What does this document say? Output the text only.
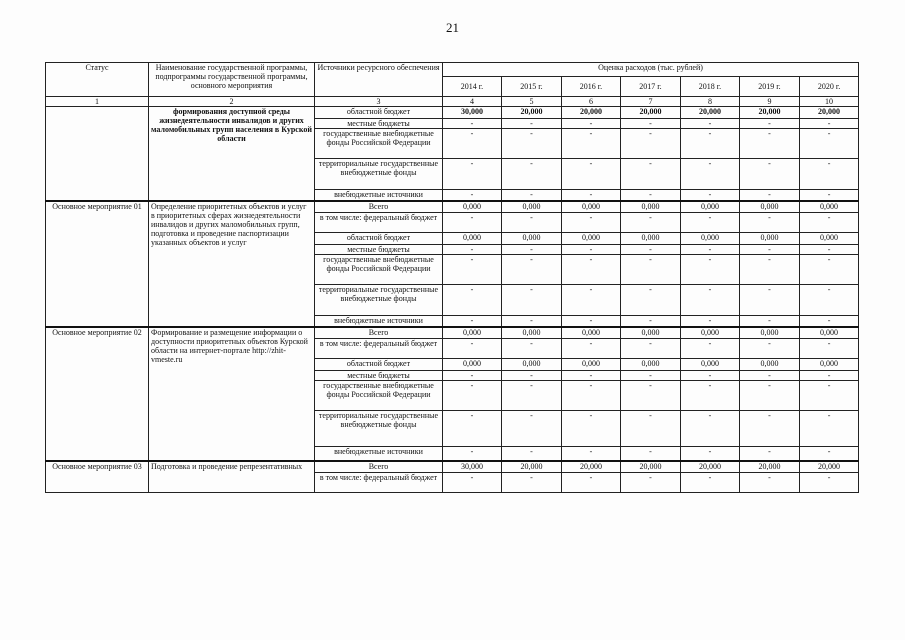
21
Статус	Наименование государственной программы, подпрограммы государственной программы, основного мероприятия	Источники ресурсного обеспечения	Оценка расходов (тыс. рублей)						
			2014 г.	2015 г.	2016 г.	2017 г.	2018 г.	2019 г.	2020 г.
1	2	3	4	5	6	7	8	9	10
	формирования доступной среды жизнедеятельности инвалидов и других маломобильных групп населения в Курской области	областной бюджет	30,000	20,000	20,000	20,000	20,000	20,000	20,000
		местные бюджеты	-	-	-	-	-	-	-
		государственные внебюджетные фонды Российской Федерации	-	-	-	-	-	-	-
		территориальные государственные внебюджетные фонды	-	-	-	-	-	-	-
		внебюджетные источники	-	-	-	-	-	-	-
Основное мероприятие 01	Определение приоритетных объектов и услуг в приоритетных сферах жизнедеятельности инвалидов и других маломобильных групп, подготовка и проведение паспортизации указанных объектов и услуг	Всего	0,000	0,000	0,000	0,000	0,000	0,000	0,000
		в том числе: федеральный бюджет	-	-	-	-	-	-	-
		областной бюджет	0,000	0,000	0,000	0,000	0,000	0,000	0,000
		местные бюджеты	-	-	-	-	-	-	-
		государственные внебюджетные фонды Российской Федерации	-	-	-	-	-	-	-
		территориальные государственные внебюджетные фонды	-	-	-	-	-	-	-
		внебюджетные источники	-	-	-	-	-	-	-
Основное мероприятие 02	Формирование и размещение информации о доступности приоритетных объектов Курской области на интернет-портале http://zhit-vmeste.ru	Всего	0,000	0,000	0,000	0,000	0,000	0,000	0,000
		в том числе: федеральный бюджет	-	-	-	-	-	-	-
		областной бюджет	0,000	0,000	0,000	0,000	0,000	0,000	0,000
		местные бюджеты	-	-	-	-	-	-	-
		государственные внебюджетные фонды Российской Федерации	-	-	-	-	-	-	-
		территориальные государственные внебюджетные фонды	-	-	-	-	-	-	-
		внебюджетные источники	-	-	-	-	-	-	-
Основное мероприятие 03	Подготовка и проведение репрезентативных	Всего	30,000	20,000	20,000	20,000	20,000	20,000	20,000
		в том числе: федеральный бюджет	-	-	-	-	-	-	-
